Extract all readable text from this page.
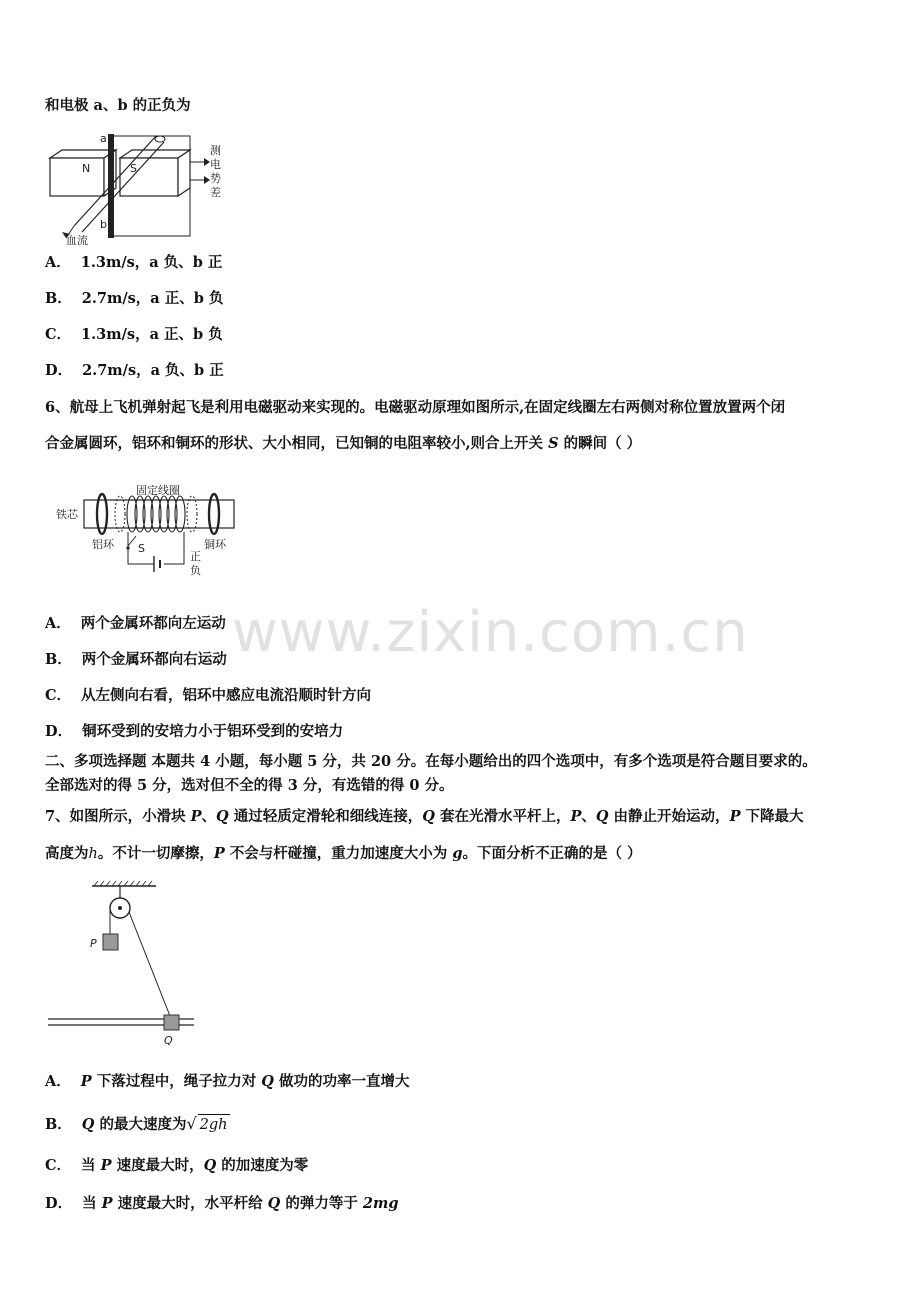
和电极 a、b 的正负为
a
b
N	S
血流
测
电
势
差
A． 1.3m/s，a 负、b 正
B． 2.7m/s，a 正、b 负
C． 1.3m/s，a 正、b 负
D． 2.7m/s，a 负、b 正
6、航母上飞机弹射起飞是利用电磁驱动来实现的。电磁驱动原理如图所示,在固定线圈左右两侧对称位置放置两个闭
合金属圆环，铝环和铜环的形状、大小相同，已知铜的电阻率较小,则合上开关 S 的瞬间（ ）
固定线圈
铁芯
铝环	铜环
S
正
负
www.zixin.com.cn
A． 两个金属环都向左运动
B． 两个金属环都向右运动
C． 从左侧向右看，铝环中感应电流沿顺时针方向
D． 铜环受到的安培力小于铝环受到的安培力
二、多项选择题 本题共 4 小题，每小题 5 分，共 20 分。在每小题给出的四个选项中，有多个选项是符合题目要求的。
全部选对的得 5 分，选对但不全的得 3 分，有选错的得 0 分。
7、如图所示，小滑块 P、Q 通过轻质定滑轮和细线连接，Q 套在光滑水平杆上，P、Q 由静止开始运动，P 下降最大
高度为h。不计一切摩擦，P 不会与杆碰撞，重力加速度大小为 g。下面分析不正确的是（ ）
P
Q
A． P 下落过程中，绳子拉力对 Q 做功的功率一直增大
B． Q 的最大速度为√ 2gh
C． 当 P 速度最大时，Q 的加速度为零
D． 当 P 速度最大时，水平杆给 Q 的弹力等于 2mg
